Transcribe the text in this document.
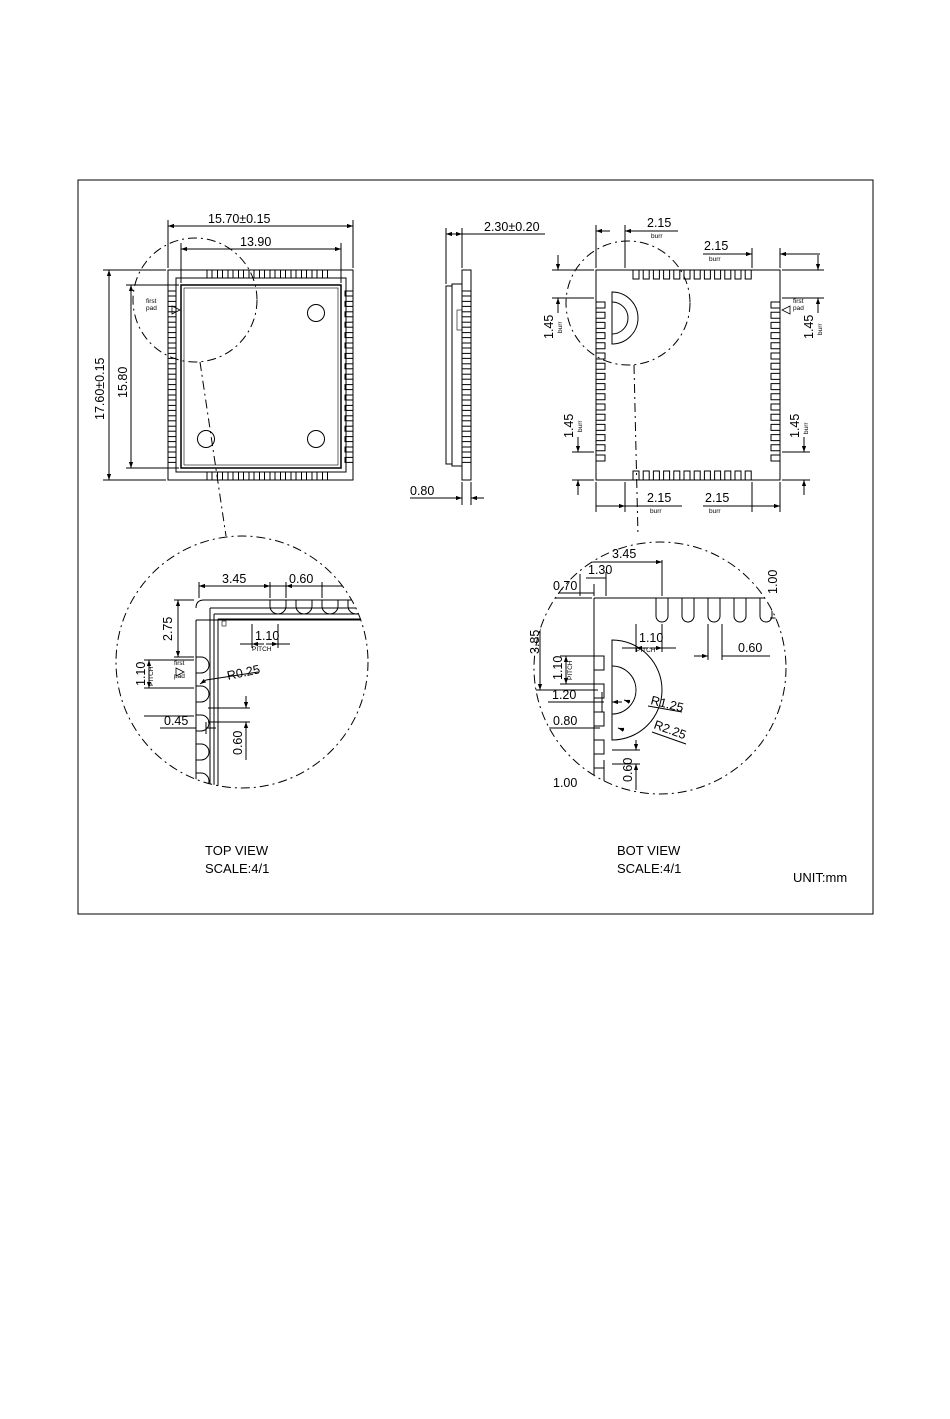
15.70±0.15
13.90
17.60±0.15 15.80
first
pad
2.30±0.20
0.80
2.15
burr
2.15
burr
2.15
burr
2.15
burr
1.45 burr
1.45 burr
1.45 burr
1.45 burr
first
pad
3.45	0.60
2.75	1.10
PITCH
1.10 PITCH	R0.25
0.45
0.60
first
pad
3.45
1.30
0.70	1.00
3.85
1.10 PITCH
1.10
PITCH	0.60
1.20	R1.25
0.80	R2.25
1.00
0.60
TOP VIEW
SCALE:4/1
BOT VIEW
SCALE:4/1
UNIT:mm
